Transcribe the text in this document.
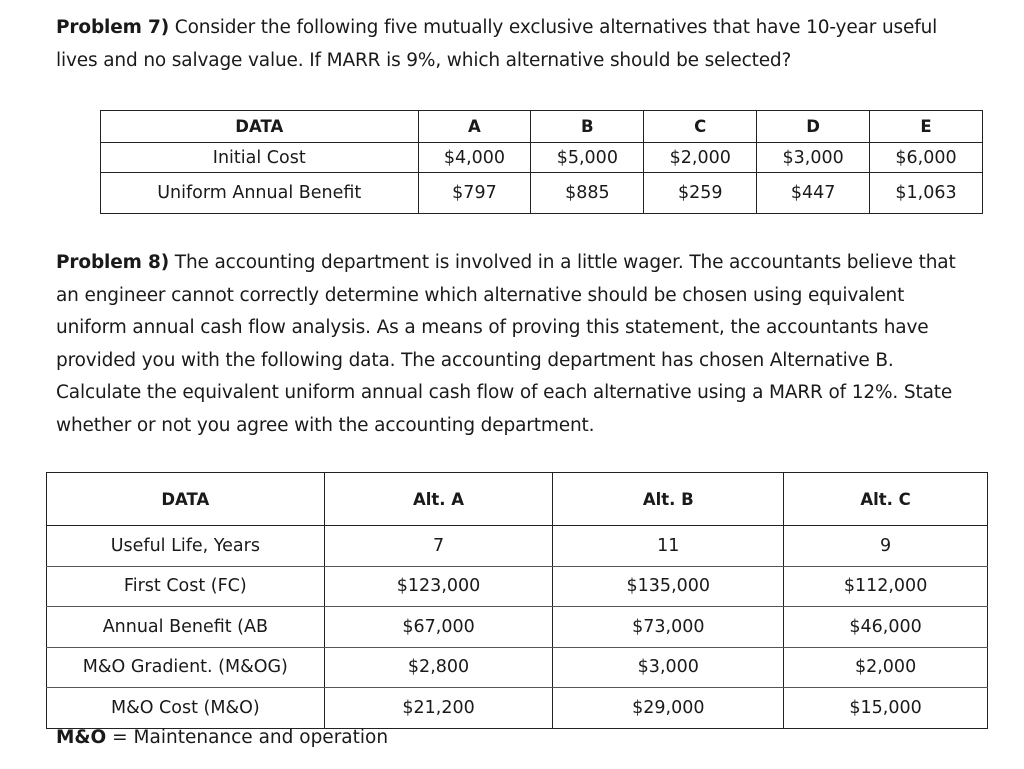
Problem 7) Consider the following five mutually exclusive alternatives that have 10-year useful lives and no salvage value. If MARR is 9%, which alternative should be selected?
DATA	A	B	C	D	E
Initial Cost	$4,000	$5,000	$2,000	$3,000	$6,000
Uniform Annual Benefit	$797	$885	$259	$447	$1,063
Problem 8) The accounting department is involved in a little wager. The accountants believe that an engineer cannot correctly determine which alternative should be chosen using equivalent uniform annual cash flow analysis. As a means of proving this statement, the accountants have provided you with the following data. The accounting department has chosen Alternative B. Calculate the equivalent uniform annual cash flow of each alternative using a MARR of 12%. State whether or not you agree with the accounting department.
DATA	Alt. A	Alt. B	Alt. C
Useful Life, Years	7	11	9
First Cost (FC)	$123,000	$135,000	$112,000
Annual Benefit (AB	$67,000	$73,000	$46,000
M&O Gradient. (M&OG)	$2,800	$3,000	$2,000
M&O Cost (M&O)	$21,200	$29,000	$15,000
M&O = Maintenance and operation
